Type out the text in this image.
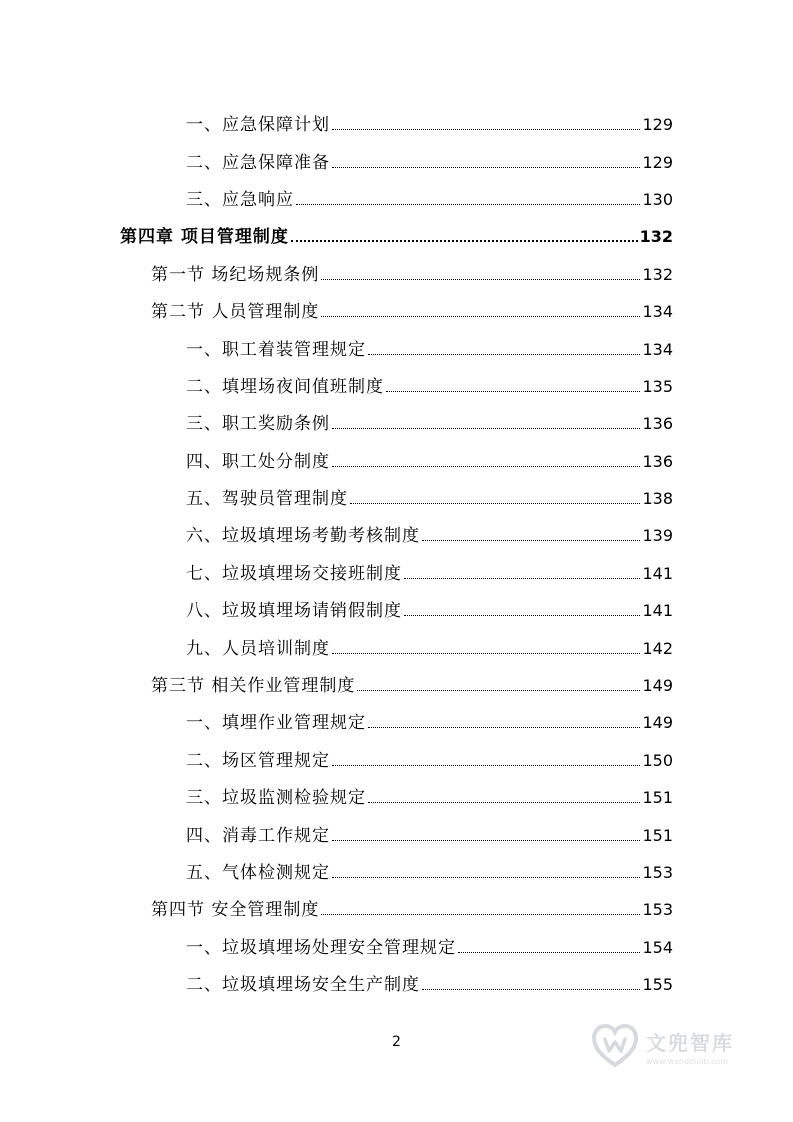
一、应急保障计划	129
二、应急保障准备	129
三、应急响应	130
第四章 项目管理制度	132
第一节 场纪场规条例	132
第二节 人员管理制度	134
一、职工着装管理规定	134
二、填埋场夜间值班制度	135
三、职工奖励条例	136
四、职工处分制度	136
五、驾驶员管理制度	138
六、垃圾填埋场考勤考核制度	139
七、垃圾填埋场交接班制度	141
八、垃圾填埋场请销假制度	141
九、人员培训制度	142
第三节 相关作业管理制度	149
一、填埋作业管理规定	149
二、场区管理规定	150
三、垃圾监测检验规定	151
四、消毒工作规定	151
五、气体检测规定	153
第四节 安全管理制度	153
一、垃圾填埋场处理安全管理规定	154
二、垃圾填埋场安全生产制度	155
2	文兜智库
www.wendoulib.com
